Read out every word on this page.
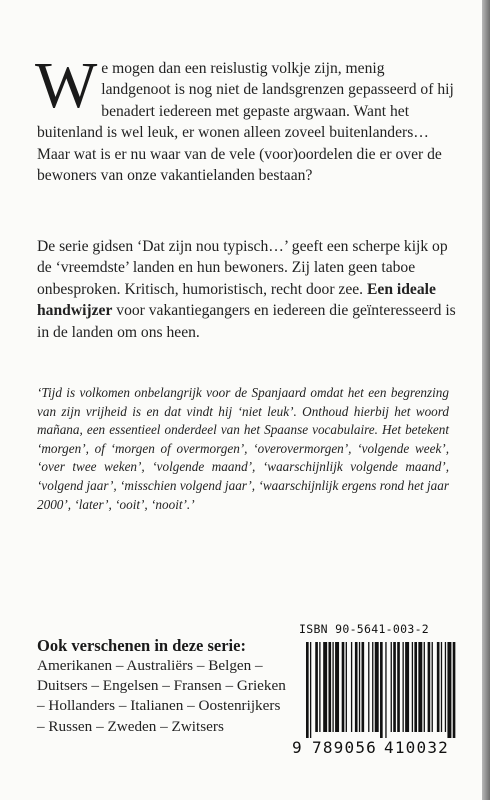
We mogen dan een reislustig volkje zijn, menig landgenoot is nog niet de landsgrenzen gepasseerd of hij benadert iedereen met gepaste argwaan. Want het buitenland is wel leuk, er wonen alleen zoveel buitenlanders… Maar wat is er nu waar van de vele (voor)oordelen die er over de bewoners van onze vakantielanden bestaan?
De serie gidsen ‘Dat zijn nou typisch…’ geeft een scherpe kijk op de ‘vreemdste’ landen en hun bewoners. Zij laten geen taboe onbesproken. Kritisch, humoristisch, recht door zee. Een ideale handwijzer voor vakantiegangers en iedereen die geïnteresseerd is in de landen om ons heen.
‘Tijd is volkomen onbelangrijk voor de Spanjaard omdat het een begrenzing van zijn vrijheid is en dat vindt hij ‘niet leuk’. Onthoud hierbij het woord mañana, een essentieel onderdeel van het Spaanse vocabulaire. Het betekent ‘morgen’, of ‘morgen of overmorgen’, ‘overovermorgen’, ‘volgende week’, ‘over twee weken’, ‘volgende maand’, ‘waarschijnlijk volgende maand’, ‘volgend jaar’, ‘misschien volgend jaar’, ‘waarschijnlijk ergens rond het jaar 2000’, ‘later’, ‘ooit’, ‘nooit’.’
Ook verschenen in deze serie:
Amerikanen – Australiërs – Belgen – Duitsers – Engelsen – Fransen – Grieken – Hollanders – Italianen – Oostenrijkers – Russen – Zweden – Zwitsers
ISBN 90-5641-003-2
9 789056 410032
